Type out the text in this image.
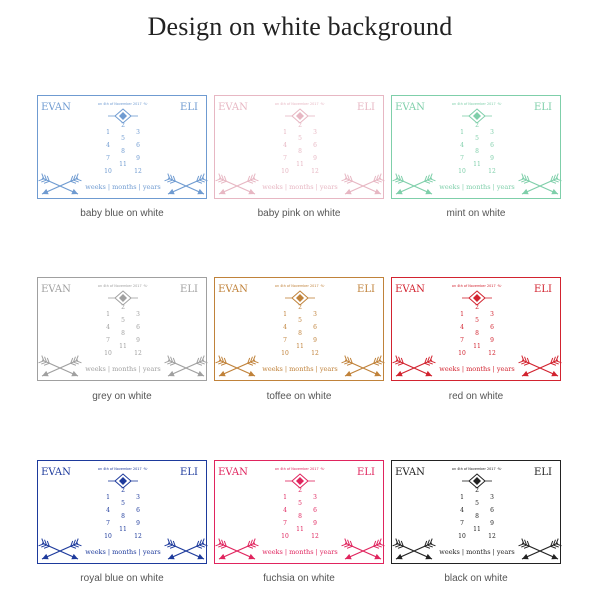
Design on white background
EVAN	ELI
on 4th of November 2017 ·%·
1
4
7
10
2
5
8
11
3
6
9
12
weeks | months | years
baby blue on white
EVAN	ELI
on 4th of November 2017 ·%·
1
4
7
10
2
5
8
11
3
6
9
12
weeks | months | years
baby pink on white
EVAN	ELI
on 4th of November 2017 ·%·
1
4
7
10
2
5
8
11
3
6
9
12
weeks | months | years
mint on white
EVAN	ELI
on 4th of November 2017 ·%·
1
4
7
10
2
5
8
11
3
6
9
12
weeks | months | years
grey on white
EVAN	ELI
on 4th of November 2017 ·%·
1
4
7
10
2
5
8
11
3
6
9
12
weeks | months | years
toffee on white
EVAN	ELI
on 4th of November 2017 ·%·
1
4
7
10
2
5
8
11
3
6
9
12
weeks | months | years
red on white
EVAN	ELI
on 4th of November 2017 ·%·
1
4
7
10
2
5
8
11
3
6
9
12
weeks | months | years
royal blue on white
EVAN	ELI
on 4th of November 2017 ·%·
1
4
7
10
2
5
8
11
3
6
9
12
weeks | months | years
fuchsia on white
EVAN	ELI
on 4th of November 2017 ·%·
1
4
7
10
2
5
8
11
3
6
9
12
weeks | months | years
black on white
